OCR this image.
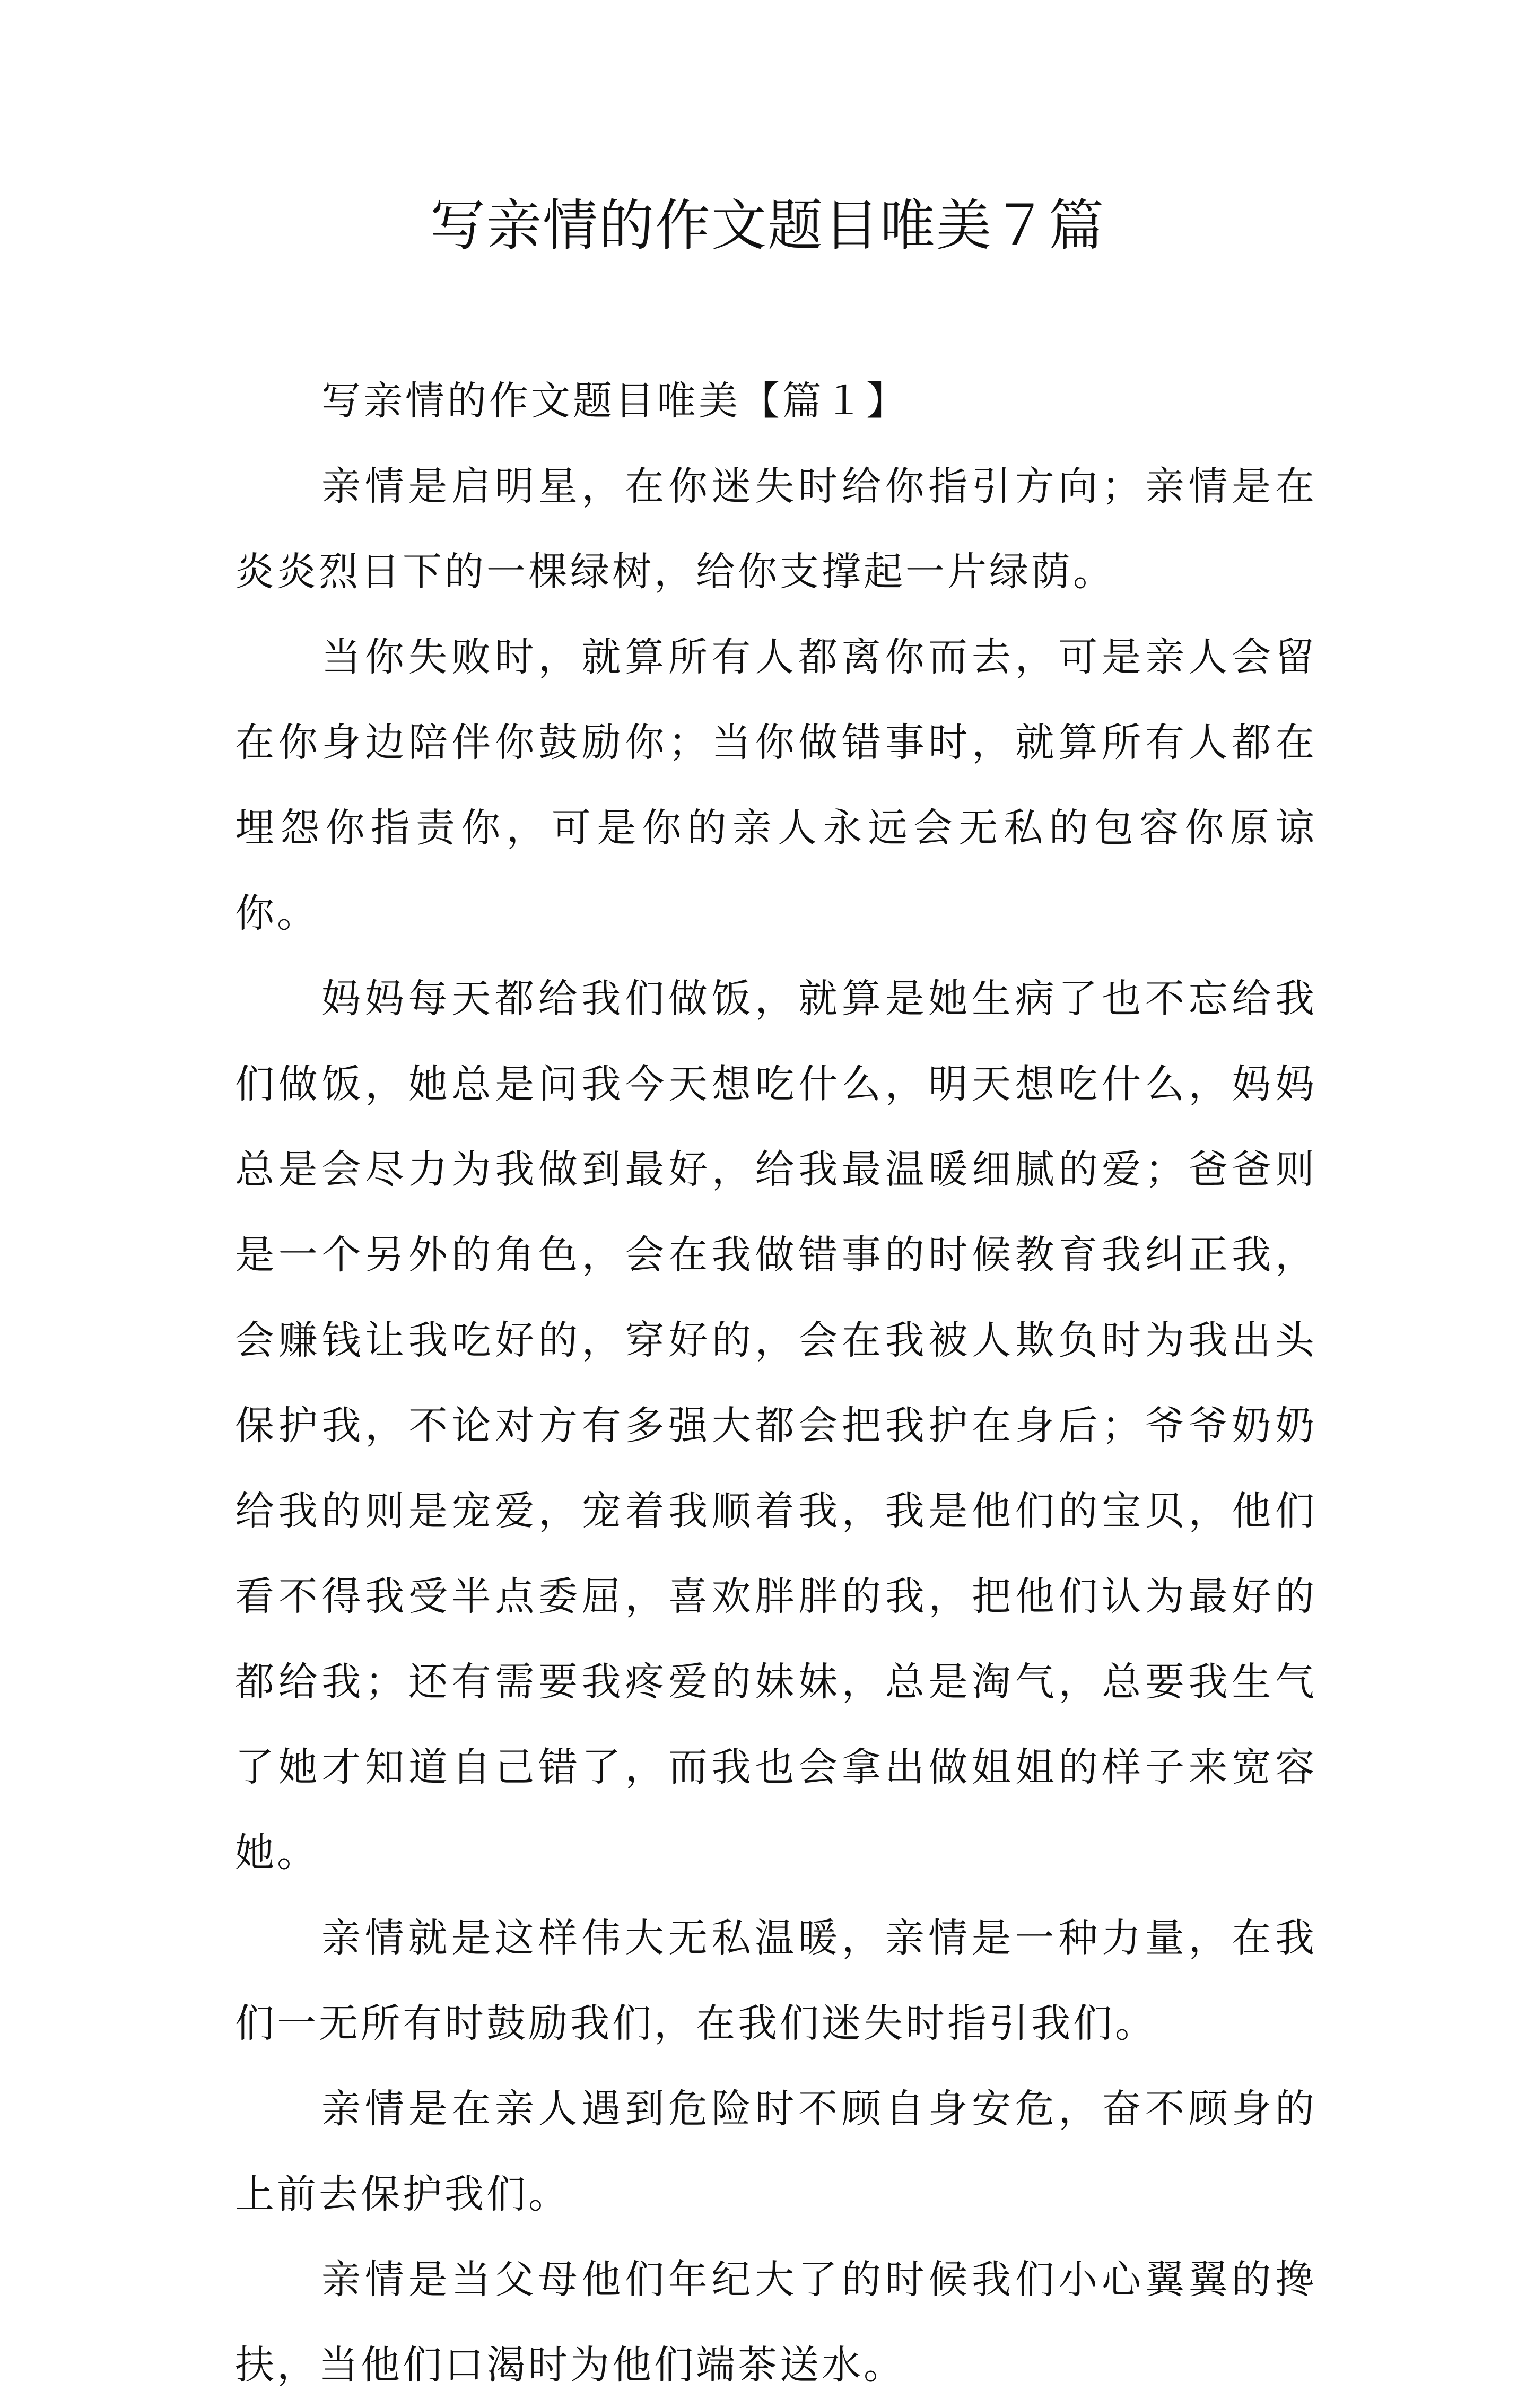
写亲情的作文题目唯美７篇

写亲情的作文题目唯美【篇１】

亲情是启明星，在你迷失时给你指引方向；亲情是在炎炎烈日下的一棵绿树，给你支撑起一片绿荫。

当你失败时，就算所有人都离你而去，可是亲人会留在你身边陪伴你鼓励你；当你做错事时，就算所有人都在埋怨你指责你，可是你的亲人永远会无私的包容你原谅你。

妈妈每天都给我们做饭，就算是她生病了也不忘给我们做饭，她总是问我今天想吃什么，明天想吃什么，妈妈总是会尽力为我做到最好，给我最温暖细腻的爱；爸爸则是一个另外的角色，会在我做错事的时候教育我纠正我，会赚钱让我吃好的，穿好的，会在我被人欺负时为我出头保护我，不论对方有多强大都会把我护在身后；爷爷奶奶给我的则是宠爱，宠着我顺着我，我是他们的宝贝，他们看不得我受半点委屈，喜欢胖胖的我，把他们认为最好的都给我；还有需要我疼爱的妹妹，总是淘气，总要我生气了她才知道自己错了，而我也会拿出做姐姐的样子来宽容她。

亲情就是这样伟大无私温暖，亲情是一种力量，在我们一无所有时鼓励我们，在我们迷失时指引我们。

亲情是在亲人遇到危险时不顾自身安危，奋不顾身的上前去保护我们。

亲情是当父母他们年纪大了的时候我们小心翼翼的搀扶，当他们口渴时为他们端茶送水。
